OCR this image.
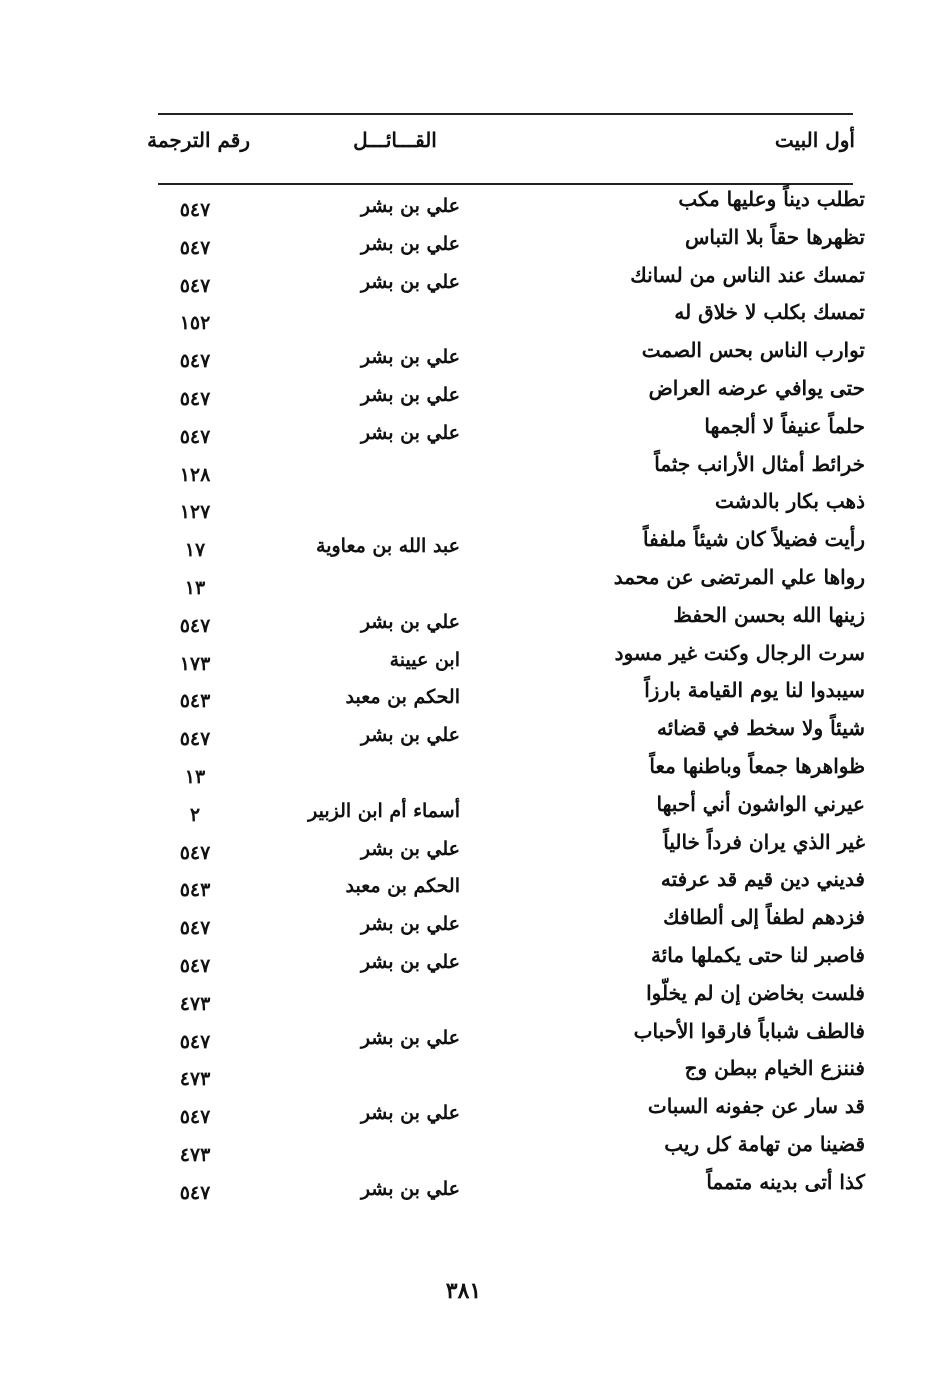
أول البيت
القـــائـــل
رقم الترجمة
تطلب ديناً وعليها مكب
علي بن بشر
٥٤٧
تظهرها حقاً بلا التباس
علي بن بشر
٥٤٧
تمسك عند الناس من لسانك
علي بن بشر
٥٤٧
تمسك بكلب لا خلاق له
١٥٢
توارب الناس بحس الصمت
علي بن بشر
٥٤٧
حتى يوافي عرضه العراض
علي بن بشر
٥٤٧
حلماً عنيفاً لا ألجمها
علي بن بشر
٥٤٧
خرائط أمثال الأرانب جثماً
١٢٨
ذهب بكار بالدشت
١٢٧
رأيت فضيلاً كان شيئاً ملففاً
عبد الله بن معاوية
١٧
رواها علي المرتضى عن محمد
١٣
زينها الله بحسن الحفظ
علي بن بشر
٥٤٧
سرت الرجال وكنت غير مسود
ابن عيينة
١٧٣
سيبدوا لنا يوم القيامة بارزاً
الحكم بن معبد
٥٤٣
شيئاً ولا سخط في قضائه
علي بن بشر
٥٤٧
ظواهرها جمعاً وباطنها معاً
١٣
عيرني الواشون أني أحبها
أسماء أم ابن الزبير
٢
غير الذي يران فرداً خالياً
علي بن بشر
٥٤٧
فديني دين قيم قد عرفته
الحكم بن معبد
٥٤٣
فزدهم لطفاً إلى ألطافك
علي بن بشر
٥٤٧
فاصبر لنا حتى يكملها مائة
علي بن بشر
٥٤٧
فلست بخاضن إن لم يخلّوا
٤٧٣
فالطف شباباً فارقوا الأحباب
علي بن بشر
٥٤٧
فننزع الخيام ببطن وج
٤٧٣
قد سار عن جفونه السبات
علي بن بشر
٥٤٧
قضينا من تهامة كل ريب
٤٧٣
كذا أتى بدينه متمماً
علي بن بشر
٥٤٧
٣٨١
